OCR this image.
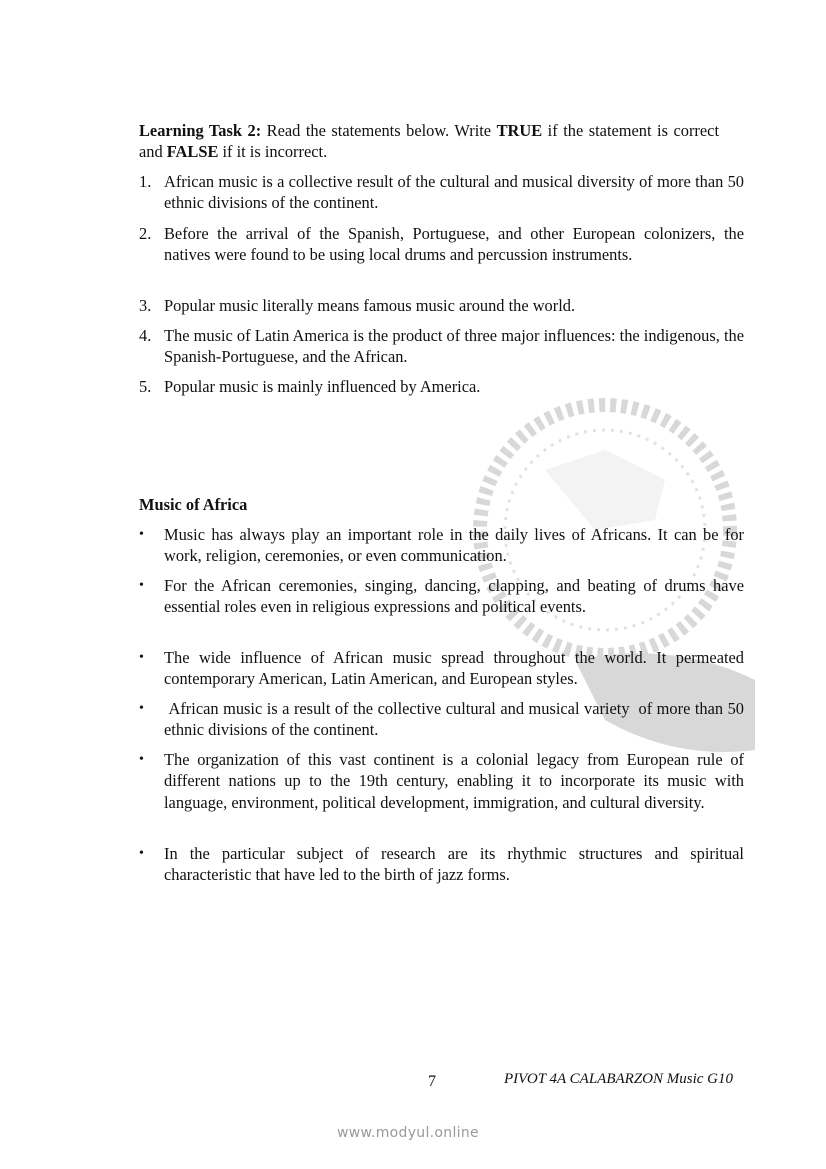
Learning Task 2: Read the statements below. Write TRUE if the statement is correct and FALSE if it is incorrect.
1. African music is a collective result of the cultural and musical diversity of more than 50 ethnic divisions of the continent.
2. Before the arrival of the Spanish, Portuguese, and other European colonizers, the natives were found to be using local drums and percussion instruments.
3. Popular music literally means famous music around the world.
4. The music of Latin America is the product of three major influences: the indigenous, the Spanish-Portuguese, and the African.
5. Popular music is mainly influenced by America.
Music of Africa
• Music has always play an important role in the daily lives of Africans. It can be for work, religion, ceremonies, or even communication.
• For the African ceremonies, singing, dancing, clapping, and beating of drums have essential roles even in religious expressions and political events.
• The wide influence of African music spread throughout the world. It permeated contemporary American, Latin American, and European styles.
• African music is a result of the collective cultural and musical variety  of more than 50 ethnic divisions of the continent.
• The organization of this vast continent is a colonial legacy from European rule of different nations up to the 19th century, enabling it to incorporate its music with language, environment, political development, immigration, and cultural diversity.
• In the particular subject of research are its rhythmic structures and spiritual characteristic that have led to the birth of jazz forms.
7	PIVOT 4A CALABARZON Music G10
www.modyul.online
